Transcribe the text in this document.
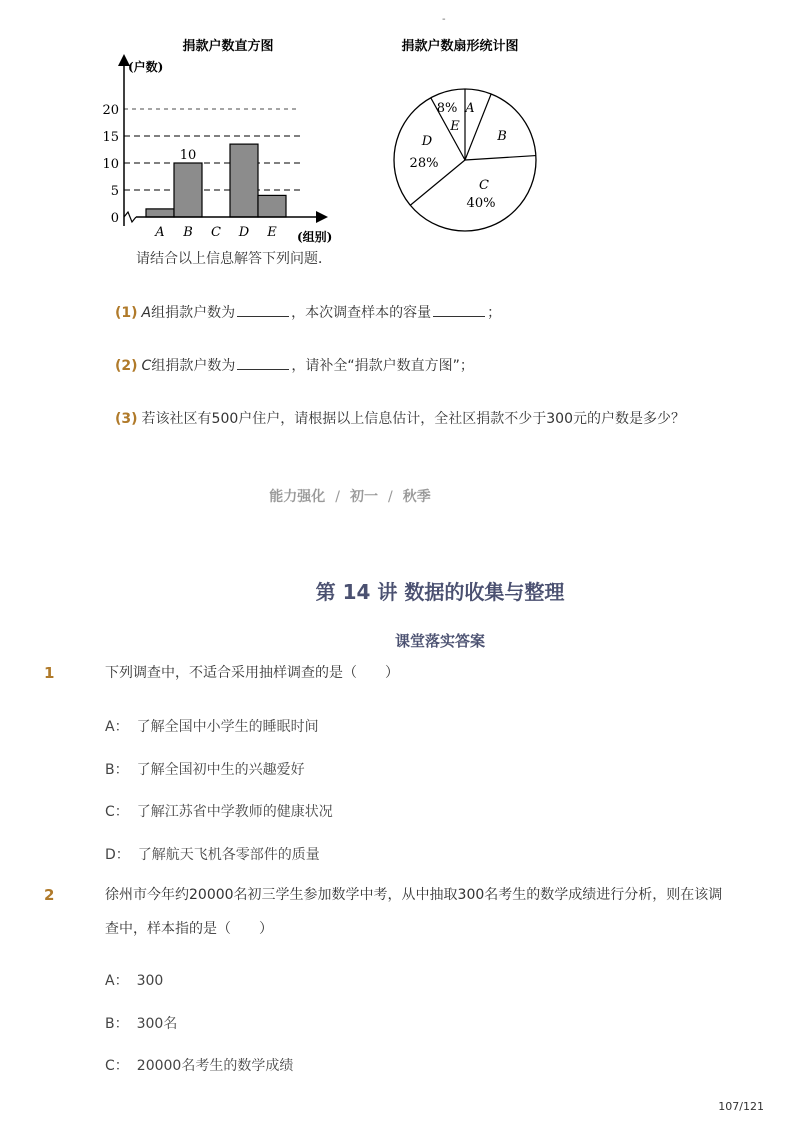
-
捐款户数直方图
(户数)
(组别)
0
5
10
15
20
A B C D E
10
捐款户数扇形统计图
A
B
C
40%
D
28%
8%
E
请结合以上信息解答下列问题．
(1) A组捐款户数为	，本次调查样本的容量	；
(2) C组捐款户数为	，请补全“捐款户数直方图”；
(3) 若该社区有500户住户，请根据以上信息估计，全社区捐款不少于300元的户数是多少？
能力强化 / 初一 / 秋季
第 14 讲 数据的收集与整理
课堂落实答案
1	下列调查中，不适合采用抽样调查的是（　　）
A： 了解全国中小学生的睡眠时间
B： 了解全国初中生的兴趣爱好
C： 了解江苏省中学教师的健康状况
D： 了解航天飞机各零部件的质量
2	徐州市今年约20000名初三学生参加数学中考，从中抽取300名考生的数学成绩进行分析，则在该调查中，样本指的是（　　）
A： 300
B： 300名
C： 20000名考生的数学成绩
107/121
